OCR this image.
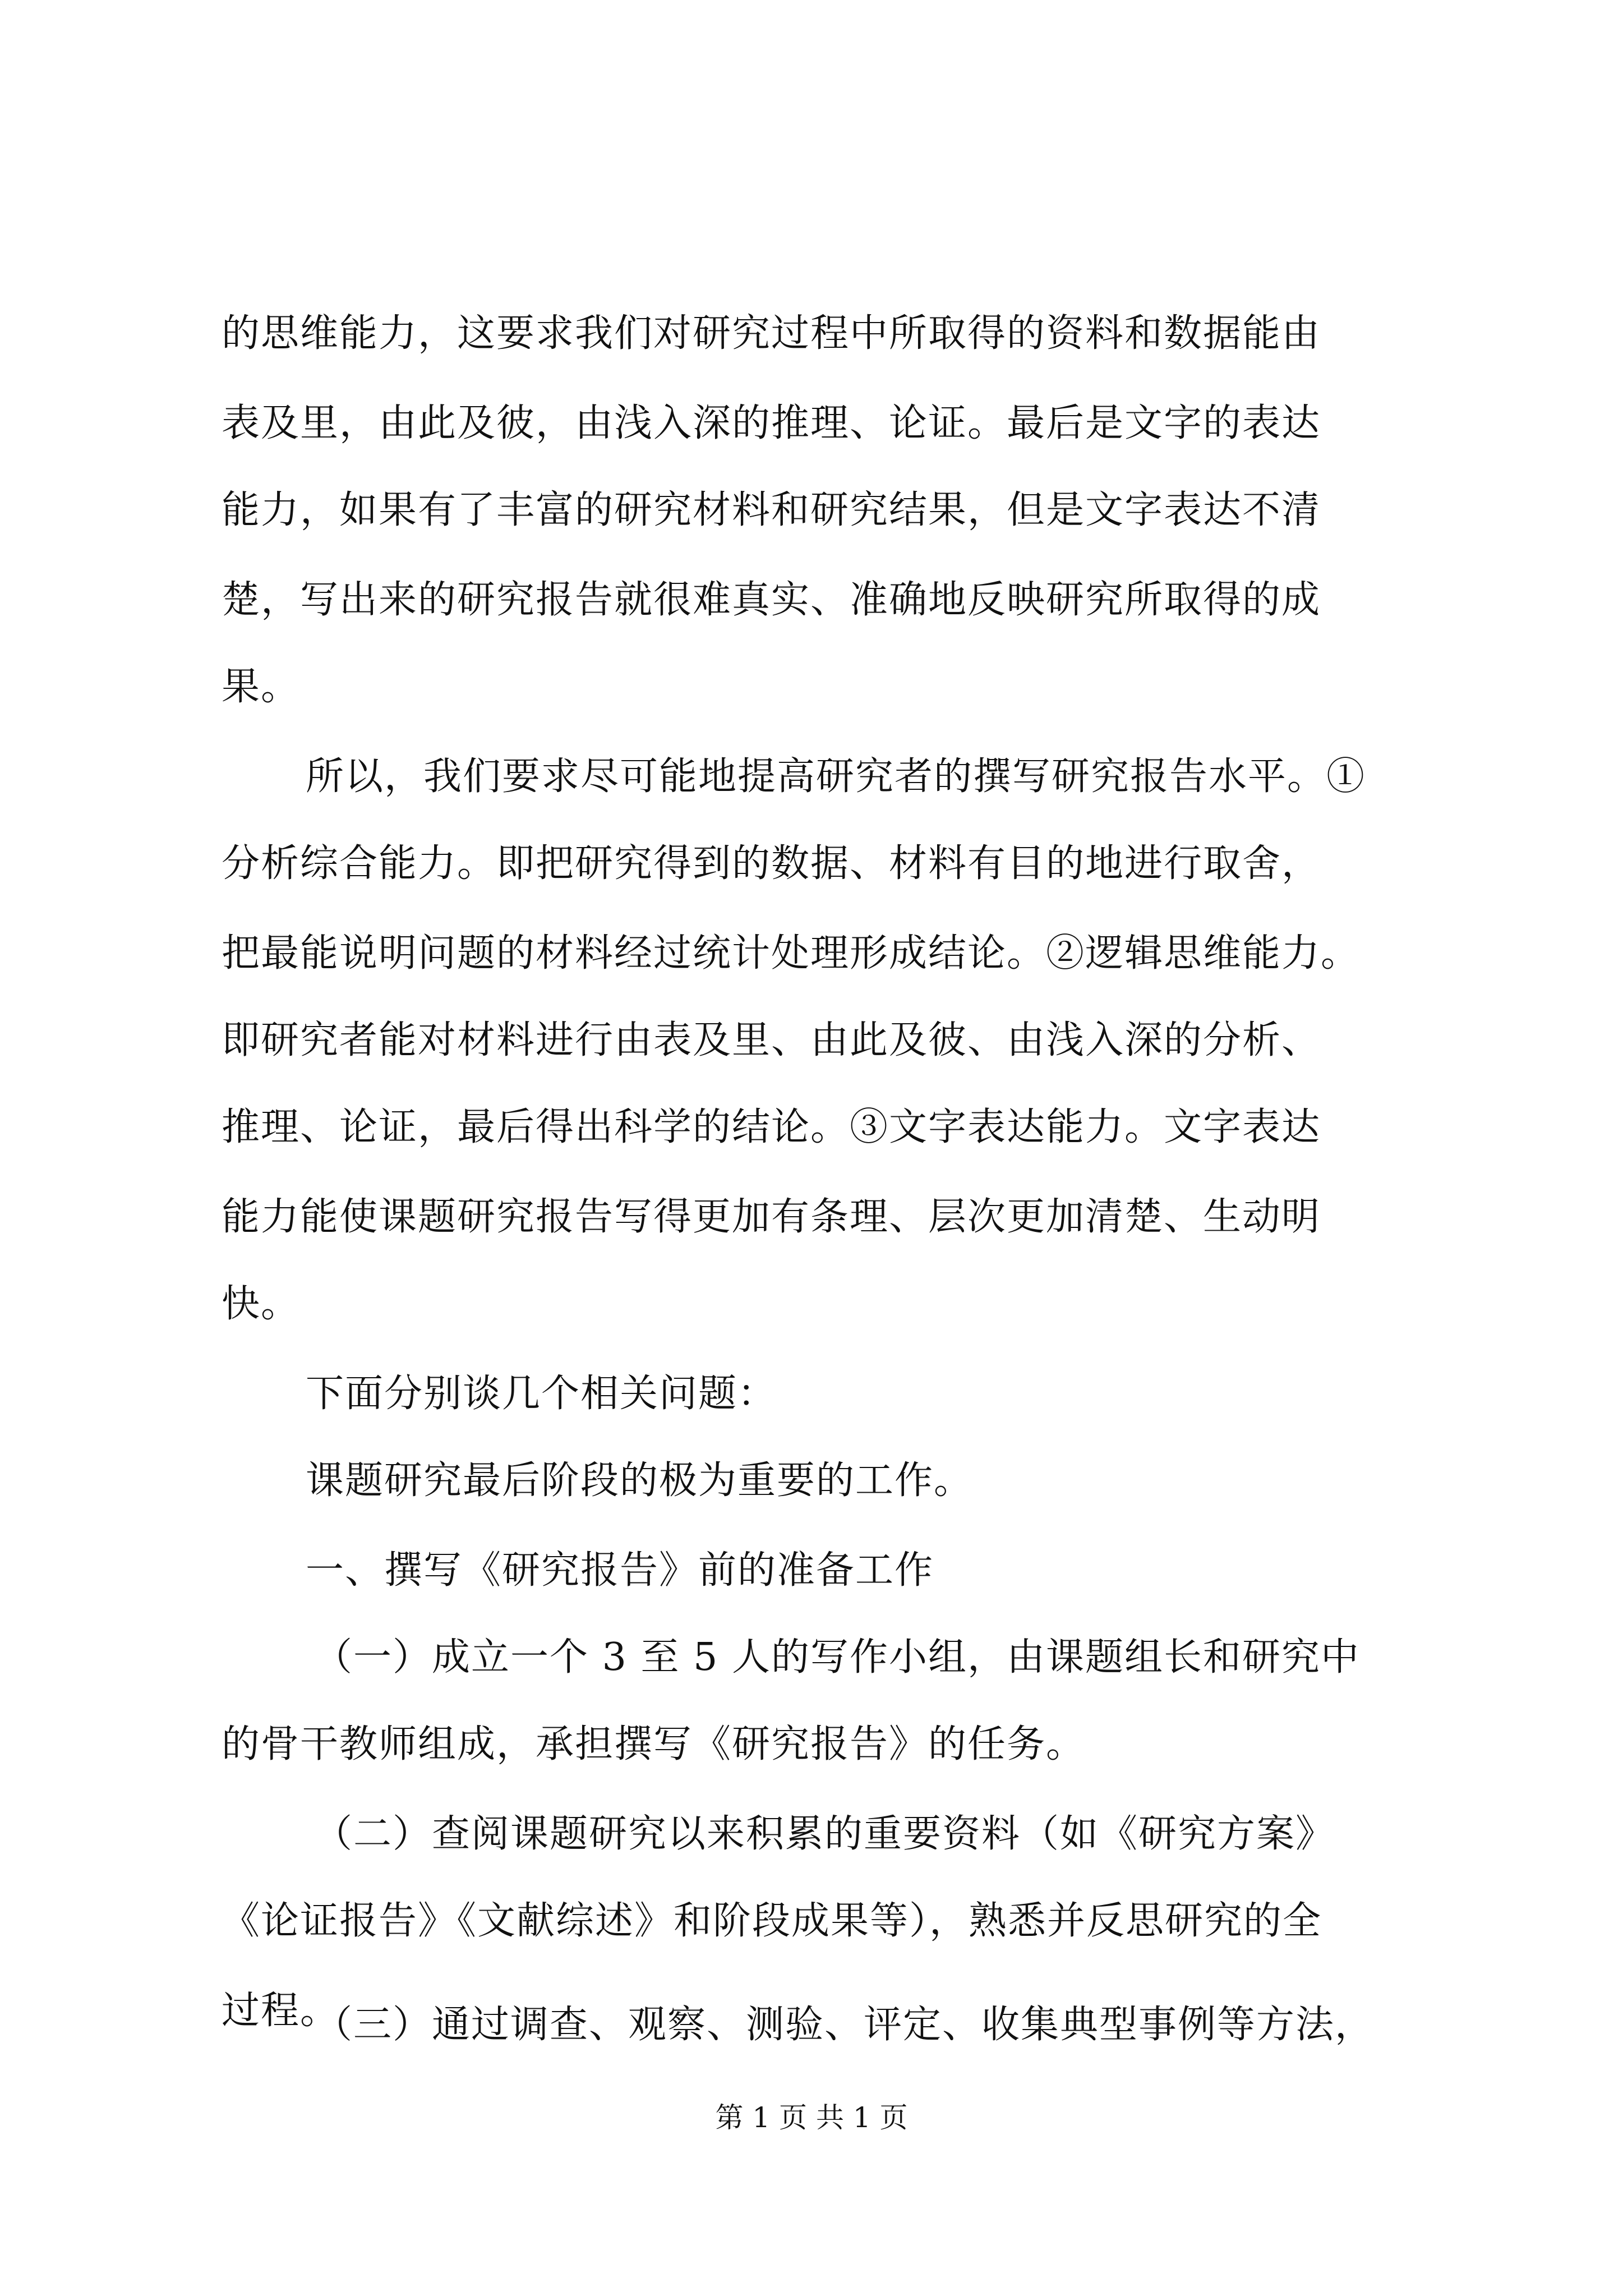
的思维能力，这要求我们对研究过程中所取得的资料和数据能由
表及里，由此及彼，由浅入深的推理、论证。最后是文字的表达
能力，如果有了丰富的研究材料和研究结果，但是文字表达不清
楚，写出来的研究报告就很难真实、准确地反映研究所取得的成
果。
所以，我们要求尽可能地提高研究者的撰写研究报告水平。①
分析综合能力。即把研究得到的数据、材料有目的地进行取舍，
把最能说明问题的材料经过统计处理形成结论。②逻辑思维能力。
即研究者能对材料进行由表及里、由此及彼、由浅入深的分析、
推理、论证，最后得出科学的结论。③文字表达能力。文字表达
能力能使课题研究报告写得更加有条理、层次更加清楚、生动明
快。
下面分别谈几个相关问题：
课题研究最后阶段的极为重要的工作。
一、撰写《研究报告》前的准备工作
（一）成立一个 3 至 5 人的写作小组，由课题组长和研究中
的骨干教师组成，承担撰写《研究报告》的任务。
（二）查阅课题研究以来积累的重要资料（如《研究方案》
《论证报告》《文献综述》和阶段成果等），熟悉并反思研究的全
过程。
第 1 页 共 1 页
（三）通过调查、观察、测验、评定、收集典型事例等方法，
